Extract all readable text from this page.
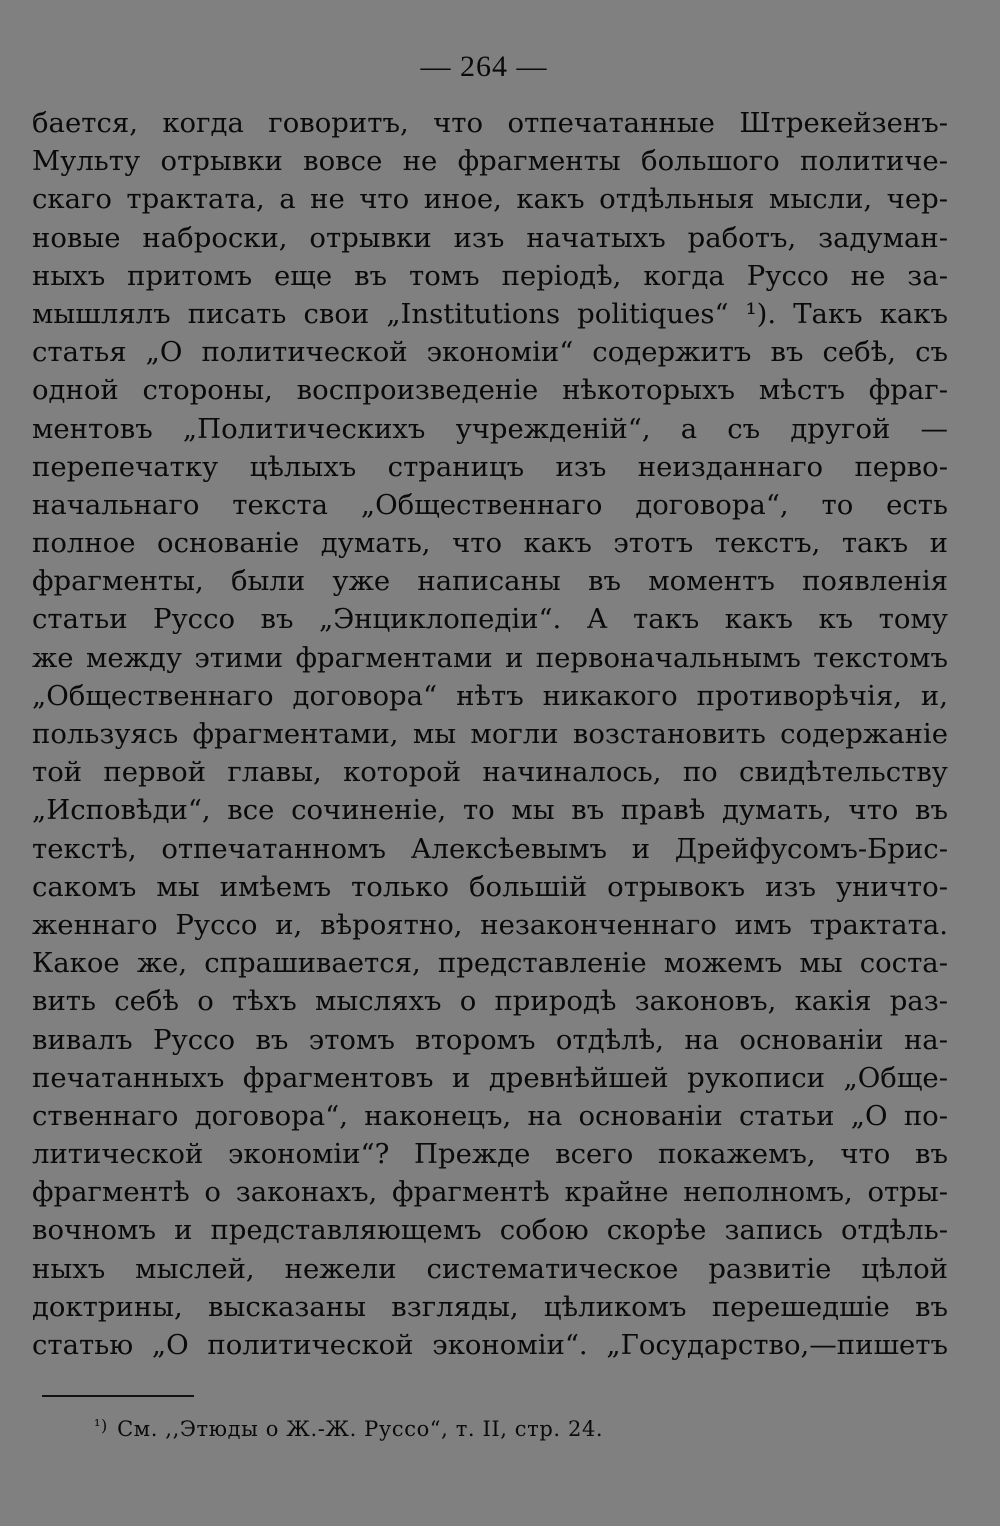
— 264 —
бается, когда говоритъ, что отпечатанные Штрекейзенъ-
Мульту отрывки вовсе не фрагменты большого политиче-
скаго трактата, а не что иное, какъ отдѣльныя мысли, чер-
новые наброски, отрывки изъ начатыхъ работъ, задуман-
ныхъ притомъ еще въ томъ періодѣ, когда Руссо не за-
мышлялъ писать свои „Institutions politiques“ ¹). Такъ какъ
статья „О политической экономіи“ содержитъ въ себѣ, съ
одной стороны, воспроизведеніе нѣкоторыхъ мѣстъ фраг-
ментовъ „Политическихъ учрежденій“, а съ другой —
перепечатку цѣлыхъ страницъ изъ неизданнаго перво-
начальнаго текста „Общественнаго договора“, то есть
полное основаніе думать, что какъ этотъ текстъ, такъ и
фрагменты, были уже написаны въ моментъ появленія
статьи Руссо въ „Энциклопедіи“. А такъ какъ къ тому
же между этими фрагментами и первоначальнымъ текстомъ
„Общественнаго договора“ нѣтъ никакого противорѣчія, и,
пользуясь фрагментами, мы могли возстановить содержаніе
той первой главы, которой начиналось, по свидѣтельству
„Исповѣди“, все сочиненіе, то мы въ правѣ думать, что въ
текстѣ, отпечатанномъ Алексѣевымъ и Дрейфусомъ-Брис-
сакомъ мы имѣемъ только большій отрывокъ изъ уничто-
женнаго Руссо и, вѣроятно, незаконченнаго имъ трактата.
Какое же, спрашивается, представленіе можемъ мы соста-
вить себѣ о тѣхъ мысляхъ о природѣ законовъ, какія раз-
вивалъ Руссо въ этомъ второмъ отдѣлѣ, на основаніи на-
печатанныхъ фрагментовъ и древнѣйшей рукописи „Обще-
ственнаго договора“, наконецъ, на основаніи статьи „О по-
литической экономіи“? Прежде всего покажемъ, что въ
фрагментѣ о законахъ, фрагментѣ крайне неполномъ, отры-
вочномъ и представляющемъ собою скорѣе запись отдѣль-
ныхъ мыслей, нежели систематическое развитіе цѣлой
доктрины, высказаны взгляды, цѣликомъ перешедшіе въ
статью „О политической экономіи“. „Государство,—пишетъ
$^{^1)}$ См. ,,Этюды о Ж.-Ж. Руссо“, т. II, стр. 24.
